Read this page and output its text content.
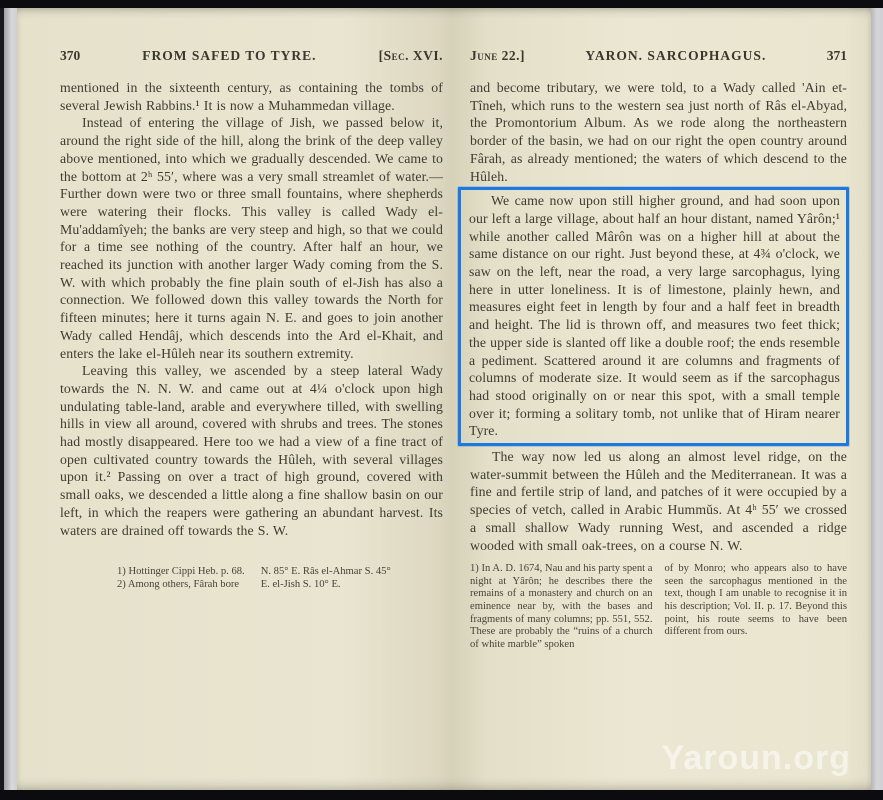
370	FROM SAFED TO TYRE.	[Sec. XVI.

mentioned in the sixteenth century, as containing the tombs of several Jewish Rabbins.¹ It is now a Muhammedan village.

Instead of entering the village of Jish, we passed below it, around the right side of the hill, along the brink of the deep valley above mentioned, into which we gradually descended. We came to the bottom at 2ʰ 55′, where was a very small streamlet of water.— Further down were two or three small fountains, where shepherds were watering their flocks. This valley is called Wady el-Mu'addamîyeh; the banks are very steep and high, so that we could for a time see nothing of the country. After half an hour, we reached its junction with another larger Wady coming from the S. W. with which probably the fine plain south of el-Jish has also a connection. We followed down this valley towards the North for fifteen minutes; here it turns again N. E. and goes to join another Wady called Hendâj, which descends into the Ard el-Khait, and enters the lake el-Hûleh near its southern extremity.

Leaving this valley, we ascended by a steep lateral Wady towards the N. N. W. and came out at 4¼ o'clock upon high undulating table-land, arable and everywhere tilled, with swelling hills in view all around, covered with shrubs and trees. The stones had mostly disappeared. Here too we had a view of a fine tract of open cultivated country towards the Hûleh, with several villages upon it.² Passing on over a tract of high ground, covered with small oaks, we descended a little along a fine shallow basin on our left, in which the reapers were gathering an abundant harvest. Its waters are drained off towards the S. W.

1) Hottinger Cippi Heb. p. 68.
2) Among others, Fârah bore
N. 85° E. Râs el-Ahmar S. 45°
E. el-Jish S. 10° E.
June 22.]	YARON. SARCOPHAGUS.	371

and become tributary, we were told, to a Wady called 'Ain et-Tîneh, which runs to the western sea just north of Râs el-Abyad, the Promontorium Album. As we rode along the northeastern border of the basin, we had on our right the open country around Fârah, as already mentioned; the waters of which descend to the Hûleh.

We came now upon still higher ground, and had soon upon our left a large village, about half an hour distant, named Yârôn;¹ while another called Mârôn was on a higher hill at about the same distance on our right. Just beyond these, at 4¾ o'clock, we saw on the left, near the road, a very large sarcophagus, lying here in utter loneliness. It is of limestone, plainly hewn, and measures eight feet in length by four and a half feet in breadth and height. The lid is thrown off, and measures two feet thick; the upper side is slanted off like a double roof; the ends resemble a pediment. Scattered around it are columns and fragments of columns of moderate size. It would seem as if the sarcophagus had stood originally on or near this spot, with a small temple over it; forming a solitary tomb, not unlike that of Hiram nearer Tyre.

The way now led us along an almost level ridge, on the water-summit between the Hûleh and the Mediterranean. It was a fine and fertile strip of land, and patches of it were occupied by a species of vetch, called in Arabic Hummŭs. At 4ʰ 55′ we crossed a small shallow Wady running West, and ascended a ridge wooded with small oak-trees, on a course N. W.

1) In A. D. 1674, Nau and his party spent a night at Yârôn; he describes there the remains of a monastery and church on an eminence near by, with the bases and fragments of many columns; pp. 551, 552. These are probably the “ruins of a church of white marble” spoken
of by Monro; who appears also to have seen the sarcophagus mentioned in the text, though I am unable to recognise it in his description; Vol. II. p. 17. Beyond this point, his route seems to have been different from ours.
Yaroun.org
